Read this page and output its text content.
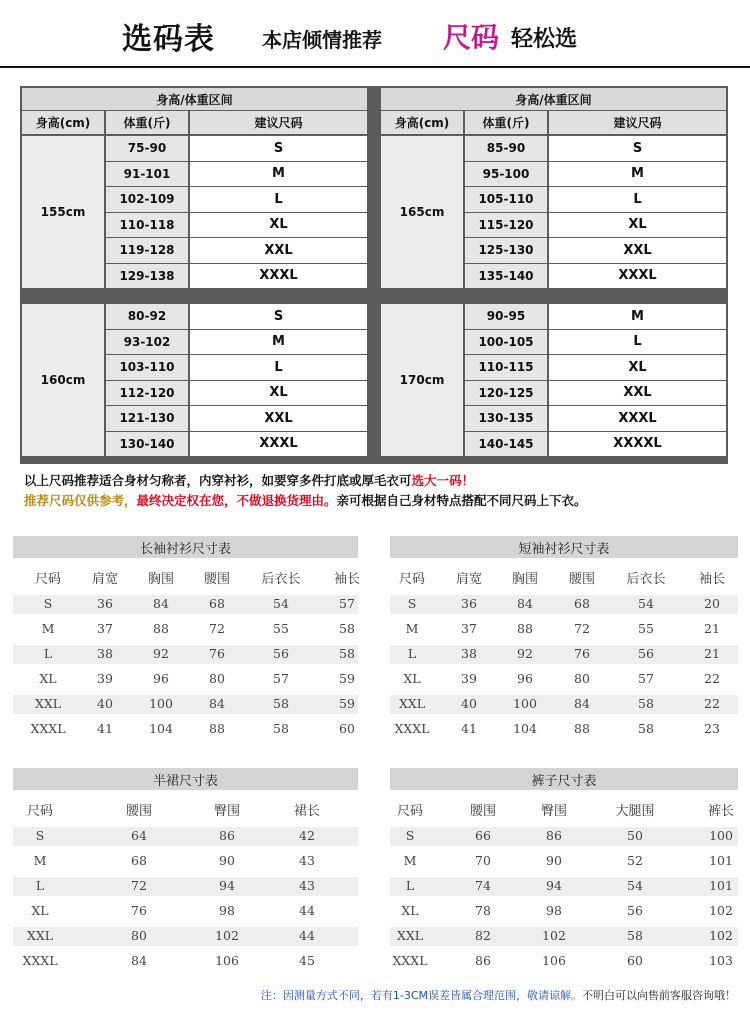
选码表 本店倾情推荐 尺码 轻松选
身高/体重区间
身高(cm)	体重(斤)	建议尺码
身高/体重区间
身高(cm)	体重(斤)	建议尺码
155cm
75-90	S
91-101	M
102-109	L
110-118	XL
119-128	XXL
129-138	XXXL
165cm
85-90	S
95-100	M
105-110	L
115-120	XL
125-130	XXL
135-140	XXXL
160cm
80-92	S
93-102	M
103-110	L
112-120	XL
121-130	XXL
130-140	XXXL
170cm
90-95	M
100-105	L
110-115	XL
120-125	XXL
130-135	XXXL
140-145	XXXXL
以上尺码推荐适合身材匀称者，内穿衬衫，如要穿多件打底或厚毛衣可选大一码！
推荐尺码仅供参考，最终决定权在您，不做退换货理由。亲可根据自己身材特点搭配不同尺码上下衣。
长袖衬衫尺寸表
尺码	肩宽	胸围	腰围	后衣长	袖长
S	36	84	68	54	57
M	37	88	72	55	58
L	38	92	76	56	58
XL	39	96	80	57	59
XXL	40	100	84	58	59
XXXL	41	104	88	58	60
短袖衬衫尺寸表
尺码	肩宽	胸围	腰围	后衣长	袖长
S	36	84	68	54	20
M	37	88	72	55	21
L	38	92	76	56	21
XL	39	96	80	57	22
XXL	40	100	84	58	22
XXXL	41	104	88	58	23
半裙尺寸表
尺码	腰围	臀围	裙长
S	64	86	42
M	68	90	43
L	72	94	43
XL	76	98	44
XXL	80	102	44
XXXL	84	106	45
裤子尺寸表
尺码	腰围	臀围	大腿围	裤长
S	66	86	50	100
M	70	90	52	101
L	74	94	54	101
XL	78	98	56	102
XXL	82	102	58	102
XXXL	86	106	60	103
注：因测量方式不同，若有1-3CM误差皆属合理范围，敬请谅解。不明白可以向售前客服咨询哦！
